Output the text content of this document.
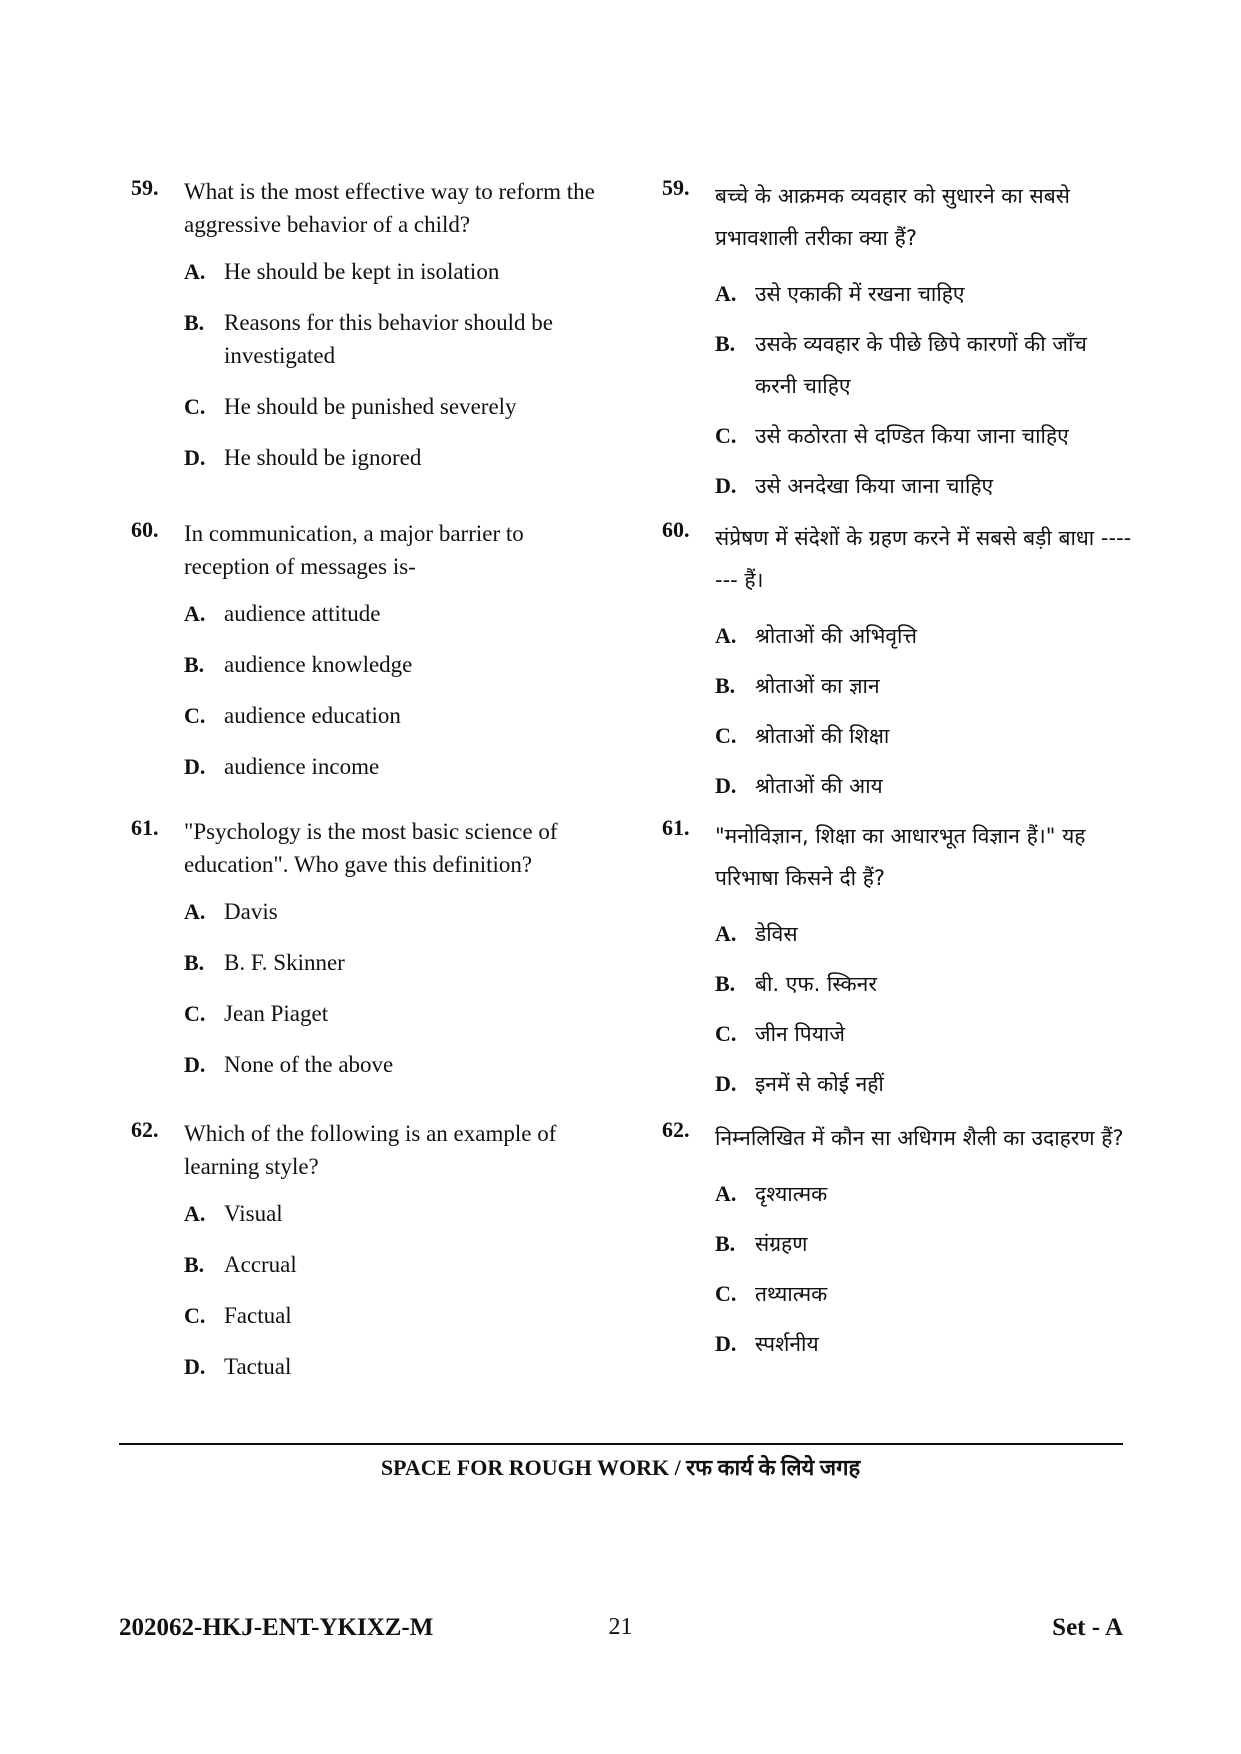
59. What is the most effective way to reform the aggressive behavior of a child?
A. He should be kept in isolation
B. Reasons for this behavior should be investigated
C. He should be punished severely
D. He should be ignored
60. In communication, a major barrier to reception of messages is-
A. audience attitude
B. audience knowledge
C. audience education
D. audience income
61. "Psychology is the most basic science of education". Who gave this definition?
A. Davis
B. B. F. Skinner
C. Jean Piaget
D. None of the above
62. Which of the following is an example of learning style?
A. Visual
B. Accrual
C. Factual
D. Tactual
59. बच्चे के आक्रमक व्यवहार को सुधारने का सबसे प्रभावशाली तरीका क्या हैं?
A. उसे एकाकी में रखना चाहिए
B. उसके व्यवहार के पीछे छिपे कारणों की जाँच करनी चाहिए
C. उसे कठोरता से दण्डित किया जाना चाहिए
D. उसे अनदेखा किया जाना चाहिए
60. संप्रेषण में संदेशों के ग्रहण करने में सबसे बड़ी बाधा ------- हैं।
A. श्रोताओं की अभिवृत्ति
B. श्रोताओं का ज्ञान
C. श्रोताओं की शिक्षा
D. श्रोताओं की आय
61. "मनोविज्ञान, शिक्षा का आधारभूत विज्ञान हैं।" यह परिभाषा किसने दी हैं?
A. डेविस
B. बी. एफ. स्किनर
C. जीन पियाजे
D. इनमें से कोई नहीं
62. निम्नलिखित में कौन सा अधिगम शैली का उदाहरण हैं?
A. दृश्यात्मक
B. संग्रहण
C. तथ्यात्मक
D. स्पर्शनीय
SPACE FOR ROUGH WORK / रफ कार्य के लिये जगह
202062-HKJ-ENT-YKIXZ-M	21	Set - A
